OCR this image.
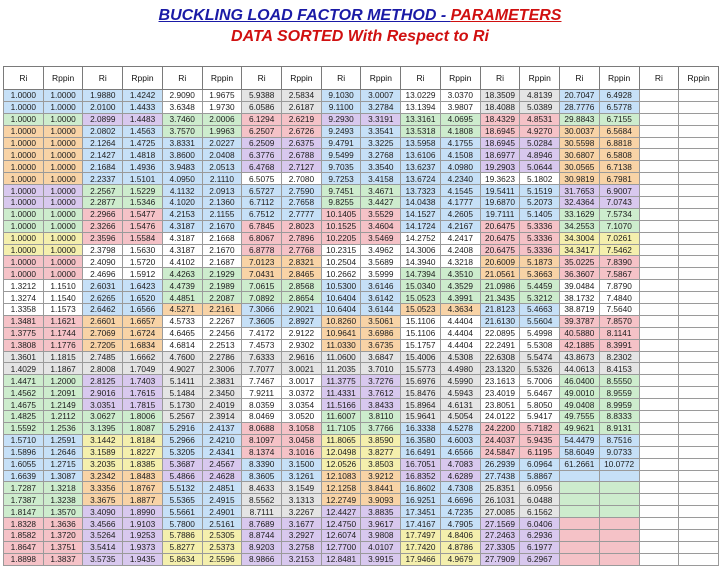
BUCKLING LOAD FACTOR METHOD - PARAMETERS
DATA SORTED With Respect to Ri
Ri	Rppin	Ri	Rppin	Ri	Rppin	Ri	Rppin	Ri	Rppin	Ri	Rppin	Ri	Rppin	Ri	Rppin	Ri	Rppin
1.0000	1.0000	1.9880	1.4242	2.9090	1.9675	5.9388	2.5834	9.1030	3.0007	13.0229	3.0370	18.3509	4.8139	20.7047	6.4928		
1.0000	1.0000	2.0100	1.4433	3.6348	1.9730	6.0586	2.6187	9.1100	3.2784	13.1394	3.9807	18.4088	5.0389	28.7776	6.5778		
1.0000	1.0000	2.0899	1.4483	3.7460	2.0006	6.1294	2.6219	9.2930	3.3191	13.3161	4.0695	18.4329	4.8531	29.8843	6.7155		
1.0000	1.0000	2.0802	1.4563	3.7570	1.9963	6.2507	2.6726	9.2493	3.3541	13.5318	4.1808	18.6945	4.9270	30.0037	6.5684		
1.0000	1.0000	2.1264	1.4725	3.8331	2.0227	6.2509	2.6375	9.4791	3.3225	13.5958	4.1755	18.6945	5.0284	30.5598	6.8818		
1.0000	1.0000	2.1427	1.4818	3.8600	2.0408	6.3776	2.6788	9.5499	3.2768	13.6106	4.1508	18.6977	4.8946	30.6807	6.5808		
1.0000	1.0000	2.1684	1.4936	3.9483	2.0513	6.4768	2.7127	9.7035	3.3540	13.6237	4.0980	19.2903	5.0644	30.0565	6.7138		
1.0000	1.0000	2.2337	1.5101	4.0950	2.1110	6.5075	2.7080	9.7253	3.4158	13.6724	4.2340	19.3623	5.1802	30.9819	6.7981		
1.0000	1.0000	2.2567	1.5229	4.1132	2.0913	6.5727	2.7590	9.7451	3.4671	13.7323	4.1545	19.5411	5.1519	31.7653	6.9007		
1.0000	1.0000	2.2877	1.5346	4.1020	2.1360	6.7112	2.7658	9.8255	3.4427	14.0438	4.1777	19.6870	5.2073	32.4364	7.0743		
1.0000	1.0000	2.2966	1.5477	4.2153	2.1155	6.7512	2.7777	10.1405	3.5529	14.1527	4.2605	19.7111	5.1405	33.1629	7.5734		
1.0000	1.0000	2.3266	1.5476	4.3187	2.1670	6.7845	2.8023	10.1525	3.4604	14.1724	4.2167	20.6475	5.3336	34.2553	7.1070		
1.0000	1.0000	2.3596	1.5584	4.3187	2.1668	6.8067	2.7896	10.2205	3.5469	14.2752	4.2417	20.6475	5.3336	34.3004	7.0261		
1.0000	1.0000	2.3798	1.5630	4.3187	2.1670	6.8778	2.7768	10.2315	3.4962	14.3006	4.2408	20.6475	5.3336	34.3417	7.5462		
1.0000	1.0000	2.4090	1.5720	4.4102	2.1687	7.0123	2.8321	10.2504	3.5689	14.3940	4.3218	20.6009	5.1873	35.0225	7.8390		
1.0000	1.0000	2.4696	1.5912	4.4263	2.1929	7.0431	2.8465	10.2662	3.5999	14.7394	4.3510	21.0561	5.3663	36.3607	7.5867		
1.3212	1.1510	2.6031	1.6423	4.4739	2.1989	7.0615	2.8568	10.5300	3.6146	15.0340	4.3529	21.0986	5.4459	39.0484	7.8790		
1.3274	1.1540	2.6265	1.6520	4.4851	2.2087	7.0892	2.8654	10.6404	3.6142	15.0523	4.3991	21.3435	5.3212	38.1732	7.4840		
1.3358	1.1573	2.6462	1.6566	4.5271	2.2161	7.3066	2.9021	10.6404	3.6144	15.0523	4.3634	21.8123	5.4663	38.8719	7.5640		
1.3481	1.1621	2.6601	1.6657	4.5733	2.2267	7.3605	2.8927	10.8260	3.5061	15.1106	4.4404	21.6130	5.5604	39.3787	7.8570		
1.3775	1.1744	2.7069	1.6724	4.6465	2.2456	7.4172	2.9122	10.9641	3.6986	15.1106	4.4404	22.0895	5.4998	40.5880	8.1141		
1.3808	1.1776	2.7205	1.6834	4.6814	2.2513	7.4573	2.9302	11.0330	3.6735	15.1757	4.4404	22.2491	5.5308	42.1885	8.3991		
1.3601	1.1815	2.7485	1.6662	4.7600	2.2786	7.6333	2.9616	11.0600	3.6847	15.4006	4.5308	22.6308	5.5474	43.8673	8.2302		
1.4029	1.1867	2.8008	1.7049	4.9027	2.3006	7.7077	3.0021	11.2035	3.7010	15.5773	4.4980	23.1320	5.5326	44.0613	8.4153		
1.4471	1.2000	2.8125	1.7403	5.1411	2.3831	7.7467	3.0017	11.3775	3.7276	15.6976	4.5990	23.1613	5.7006	46.0400	8.5550		
1.4562	1.2091	2.9016	1.7615	5.1484	2.3450	7.9211	3.0372	11.4331	3.7612	15.8476	4.5943	23.4019	5.6467	49.0010	8.9559		
1.4675	1.2149	3.0351	1.7815	5.1730	2.4019	8.0359	3.0354	11.5166	3.8433	15.8964	4.6131	23.8051	5.8050	49.0408	8.9959		
1.4825	1.2112	3.0627	1.8006	5.2567	2.3914	8.0469	3.0520	11.6007	3.8110	15.9641	4.5054	24.0122	5.9417	49.7555	8.8333		
1.5592	1.2536	3.1395	1.8087	5.2916	2.4137	8.0688	3.1058	11.7105	3.7766	16.3338	4.5278	24.2200	5.7182	49.9621	8.9131		
1.5710	1.2591	3.1442	1.8184	5.2966	2.4210	8.1097	3.0458	11.8065	3.8590	16.3580	4.6003	24.4037	5.9435	54.4479	8.7516		
1.5896	1.2646	3.1589	1.8227	5.3205	2.4341	8.1374	3.1016	12.0498	3.8277	16.6491	4.6566	24.5847	6.1195	58.6049	9.0733		
1.6055	1.2715	3.2035	1.8385	5.3687	2.4567	8.3390	3.1500	12.0526	3.8503	16.7051	4.7083	26.2939	6.0964	61.2661	10.0772		
1.6639	1.3087	3.2342	1.8483	5.4866	2.4628	8.3605	3.1261	12.1083	3.9212	16.8352	4.6289	27.7438	5.8867				
1.7287	1.3218	3.3356	1.8767	5.5132	2.4851	8.4633	3.1549	12.1258	3.8441	16.8602	4.7308	25.8351	6.0956				
1.7387	1.3238	3.3675	1.8877	5.5365	2.4915	8.5562	3.1313	12.2749	3.9093	16.9251	4.6696	26.1031	6.0488				
1.8147	1.3570	3.4090	1.8990	5.5661	2.4901	8.7111	3.2267	12.4427	3.8835	17.3451	4.7235	27.0085	6.1562				
1.8328	1.3636	3.4566	1.9103	5.7800	2.5161	8.7689	3.1677	12.4750	3.9617	17.4167	4.7905	27.1569	6.0406				
1.8582	1.3720	3.5264	1.9253	5.7886	2.5305	8.8744	3.2927	12.6074	3.9808	17.7497	4.8406	27.2463	6.2936				
1.8647	1.3751	3.5414	1.9373	5.8277	2.5373	8.9203	3.2758	12.7700	4.0107	17.7420	4.8786	27.3305	6.1977				
1.8898	1.3837	3.5735	1.9435	5.8634	2.5596	8.9866	3.2153	12.8481	3.9915	17.9466	4.9679	27.7909	6.2967				
